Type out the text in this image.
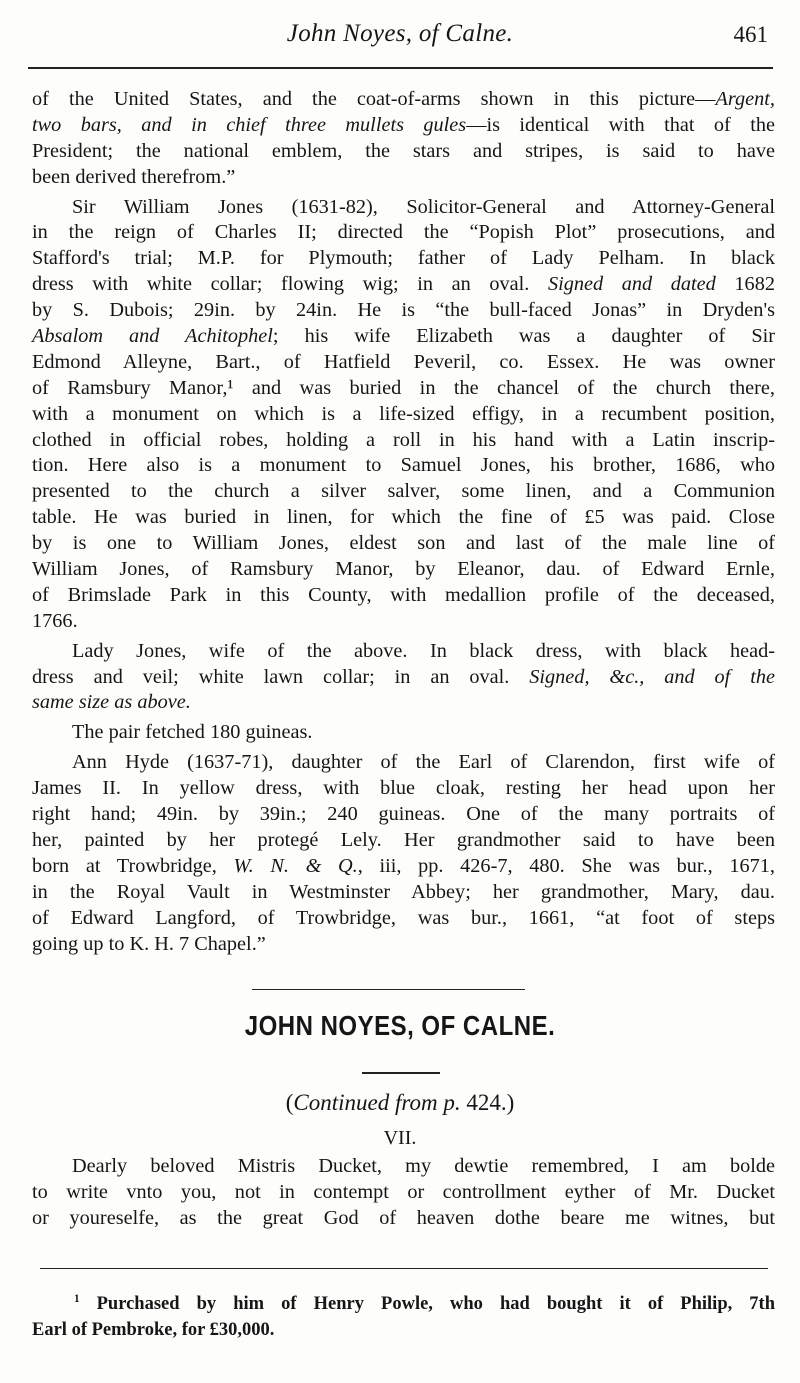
John Noyes, of Calne.	461
of the United States, and the coat-of-arms shown in this picture—Argent,
two bars, and in chief three mullets gules—is identical with that of the
President; the national emblem, the stars and stripes, is said to have
been derived therefrom.”
Sir William Jones (1631-82), Solicitor-General and Attorney-General
in the reign of Charles II; directed the “Popish Plot” prosecutions, and
Stafford's trial; M.P. for Plymouth; father of Lady Pelham. In black
dress with white collar; flowing wig; in an oval. Signed and dated 1682
by S. Dubois; 29in. by 24in. He is “the bull-faced Jonas” in Dryden's
Absalom and Achitophel; his wife Elizabeth was a daughter of Sir
Edmond Alleyne, Bart., of Hatfield Peveril, co. Essex. He was owner
of Ramsbury Manor,¹ and was buried in the chancel of the church there,
with a monument on which is a life-sized effigy, in a recumbent position,
clothed in official robes, holding a roll in his hand with a Latin inscrip-
tion. Here also is a monument to Samuel Jones, his brother, 1686, who
presented to the church a silver salver, some linen, and a Communion
table. He was buried in linen, for which the fine of £5 was paid. Close
by is one to William Jones, eldest son and last of the male line of
William Jones, of Ramsbury Manor, by Eleanor, dau. of Edward Ernle,
of Brimslade Park in this County, with medallion profile of the deceased,
1766.
Lady Jones, wife of the above. In black dress, with black head-
dress and veil; white lawn collar; in an oval. Signed, &c., and of the
same size as above.
The pair fetched 180 guineas.
Ann Hyde (1637-71), daughter of the Earl of Clarendon, first wife of
James II. In yellow dress, with blue cloak, resting her head upon her
right hand; 49in. by 39in.; 240 guineas. One of the many portraits of
her, painted by her protegé Lely. Her grandmother said to have been
born at Trowbridge, W. N. & Q., iii, pp. 426-7, 480. She was bur., 1671,
in the Royal Vault in Westminster Abbey; her grandmother, Mary, dau.
of Edward Langford, of Trowbridge, was bur., 1661, “at foot of steps
going up to K. H. 7 Chapel.”
JOHN NOYES, OF CALNE.
(Continued from p. 424.)
VII.
Dearly beloved Mistris Ducket, my dewtie remembred, I am bolde
to write vnto you, not in contempt or controllment eyther of Mr. Ducket
or youreselfe, as the great God of heaven dothe beare me witnes, but
$^1$ Purchased by him of Henry Powle, who had bought it of Philip, 7th
Earl of Pembroke, for £30,000.
